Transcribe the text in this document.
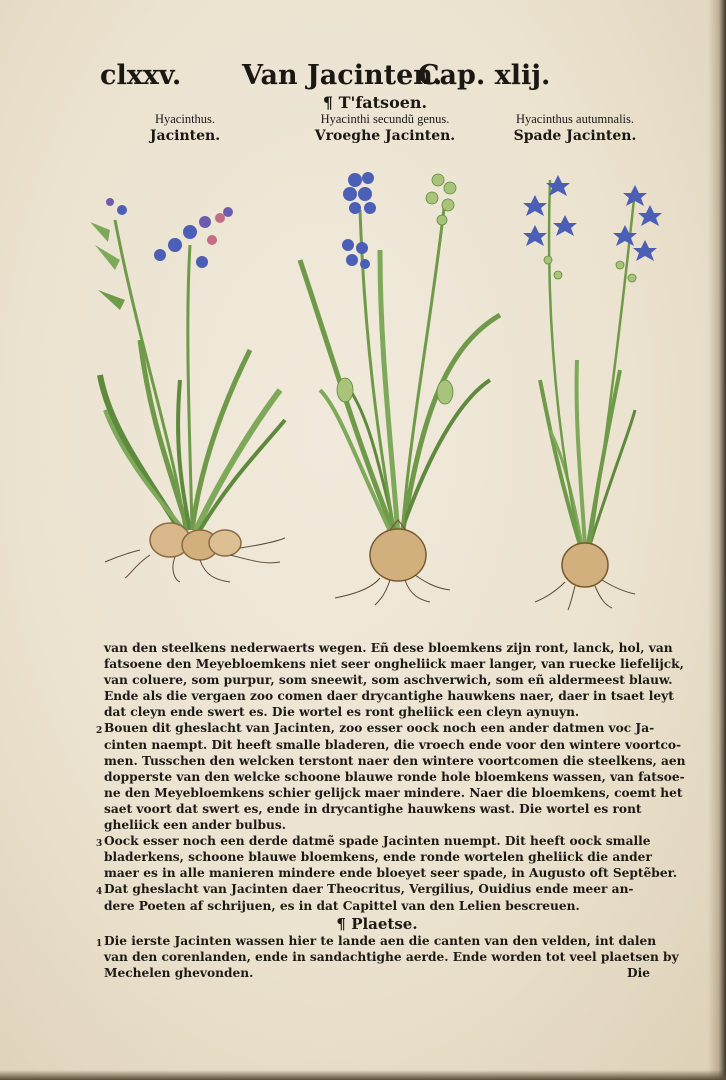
clxxv. Van Jacinten.
Cap. xlij.
¶ T'fatsoen.
Hyacinthus.
Jacinten.
Hyacinthi secundũ genus.
Vroeghe Jacinten.
Hyacinthus autumnalis.
Spade Jacinten.

van den steelkens nederwaerts wegen. Eñ dese bloemkens zijn ront, lanck, hol, van

fatsoene den Meyebloemkens niet seer ongheliick maer langer, van ruecke liefelijck,

van coluere, som purpur, som sneewit, som aschverwich, som eñ aldermeest blauw.

Ende als die vergaen zoo comen daer drycantighe hauwkens naer, daer in tsaet leyt

dat cleyn ende swert es. Die wortel es ront gheliick een cleyn aynuyn.

2 Bouen dit gheslacht van Jacinten, zoo esser oock noch een ander datmen voc Ja-

cinten naempt. Dit heeft smalle bladeren, die vroech ende voor den wintere voortco-

men. Tusschen den welcken terstont naer den wintere voortcomen die steelkens, aen

dopperste van den welcke schoone blauwe ronde hole bloemkens wassen, van fatsoe-

ne den Meyebloemkens schier gelijck maer mindere. Naer die bloemkens, coemt het

saet voort dat swert es, ende in drycantighe hauwkens wast. Die wortel es ront

gheliick een ander bulbus.

3 Oock esser noch een derde datmẽ spade Jacinten nuempt. Dit heeft oock smalle

bladerkens, schoone blauwe bloemkens, ende ronde wortelen gheliick die ander

maer es in alle manieren mindere ende bloeyet seer spade, in Augusto oft Septẽber.

4 Dat gheslacht van Jacinten daer Theocritus, Vergilius, Ouidius ende meer an-

dere Poeten af schrijuen, es in dat Capittel van den Lelien bescreuen.

¶ Plaetse.

1 Die ierste Jacinten wassen hier te lande aen die canten van den velden, int dalen

van den corenlanden, ende in sandachtighe aerde. Ende worden tot veel plaetsen by

Mechelen ghevonden.	Die
